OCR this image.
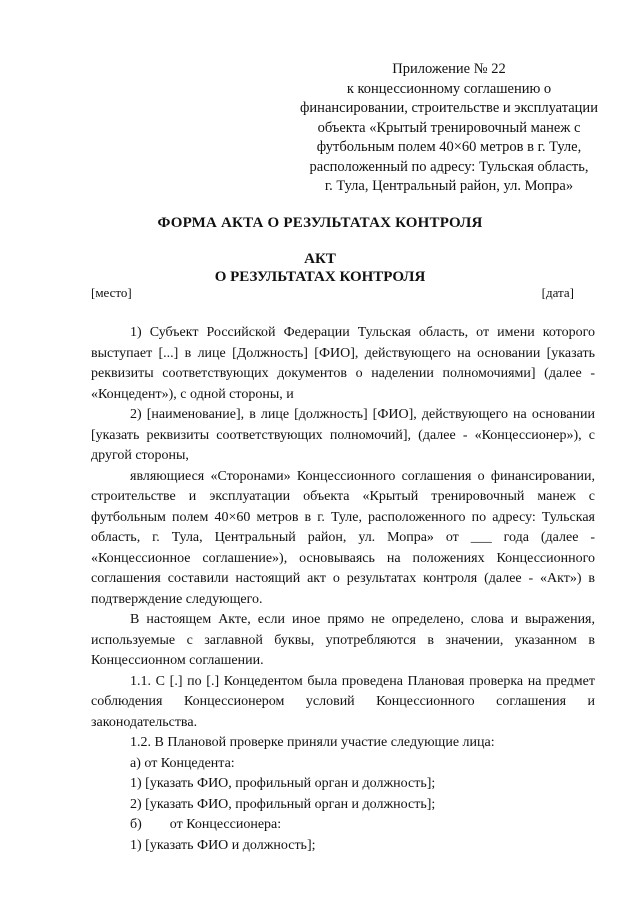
Приложение № 22
к концессионному соглашению о
финансировании, строительстве и эксплуатации
объекта «Крытый тренировочный манеж с
футбольным полем 40×60 метров в г. Туле,
расположенный по адресу: Тульская область,
г. Тула, Центральный район, ул. Мопра»
ФОРМА АКТА О РЕЗУЛЬТАТАХ КОНТРОЛЯ
АКТ
О РЕЗУЛЬТАТАХ КОНТРОЛЯ
[место]	[дата]

1) Субъект Российской Федерации Тульская область, от имени которого выступает [...] в лице [Должность] [ФИО], действующего на основании [указать реквизиты соответствующих документов о наделении полномочиями] (далее - «Концедент»), с одной стороны, и

2) [наименование], в лице [должность] [ФИО], действующего на основании [указать реквизиты соответствующих полномочий], (далее - «Концессионер»), с другой стороны,

являющиеся «Сторонами» Концессионного соглашения о финансировании, строительстве и эксплуатации объекта «Крытый тренировочный манеж с футбольным полем 40×60 метров в г. Туле, расположенного по адресу: Тульская область, г. Тула, Центральный район, ул. Мопра» от ___ года (далее - «Концессионное соглашение»), основываясь на положениях Концессионного соглашения составили настоящий акт о результатах контроля (далее - «Акт») в подтверждение следующего.

В настоящем Акте, если иное прямо не определено, слова и выражения, используемые с заглавной буквы, употребляются в значении, указанном в Концессионном соглашении.

1.1. С [.] по [.] Концедентом была проведена Плановая проверка на предмет соблюдения Концессионером условий Концессионного соглашения и законодательства.

1.2. В Плановой проверке приняли участие следующие лица:

а) от Концедента:

1) [указать ФИО, профильный орган и должность];

2) [указать ФИО, профильный орган и должность];

б)        от Концессионера:

1) [указать ФИО и должность];
